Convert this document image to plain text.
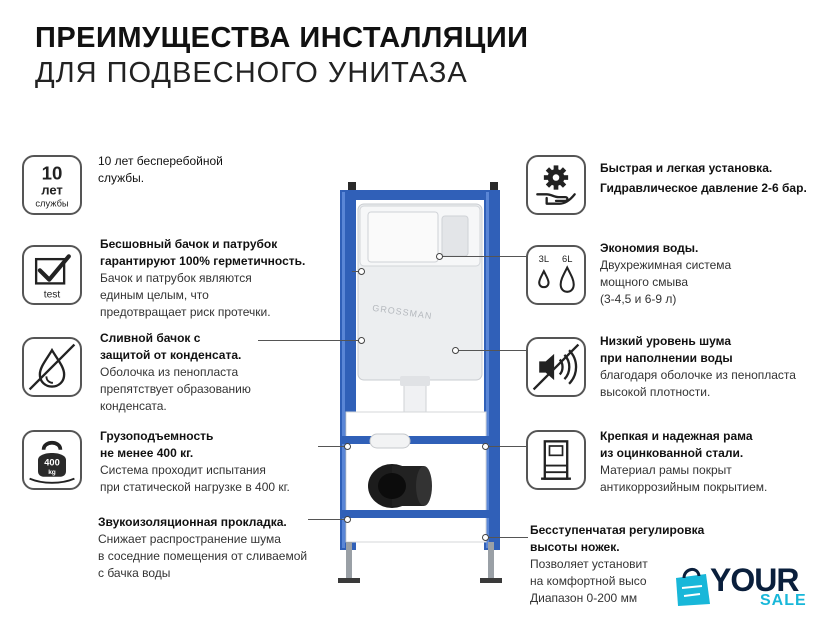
ПРЕИМУЩЕСТВА ИНСТАЛЛЯЦИИ
ДЛЯ ПОДВЕСНОГО УНИТАЗА
10
лет
службы
10 лет бесперебойной
службы.
test
Бесшовный бачок и патрубок
гарантируют 100% герметичность.
Бачок и патрубок являются
единым целым, что
предотвращает риск протечки.
Сливной бачок с
защитой от конденсата.
Оболочка из пенопласта
препятствует образованию
конденсата.
400
kg
Грузоподъемность
не менее 400 кг.
Система проходит испытания
при статической нагрузке в 400 кг.
Звукоизоляционная прокладка.
Снижает распространение шума
в соседние помещения от сливаемой
с бачка воды
Быстрая и легкая установка.
Гидравлическое давление 2-6 бар.
3L 6L
Экономия воды.
Двухрежимная система
мощного смыва
(3-4,5 и 6-9 л)
Низкий уровень шума
при наполнении воды
благодаря оболочке из пенопласта
высокой плотности.
Крепкая и надежная рама
из оцинкованной стали.
Материал рамы покрыт
антикоррозийным покрытием.
Бесступенчатая регулировка
высоты ножек.
Позволяет установит
на комфортной высо
Диапазон 0-200 мм
GROSSMAN
YOUR
SALE
